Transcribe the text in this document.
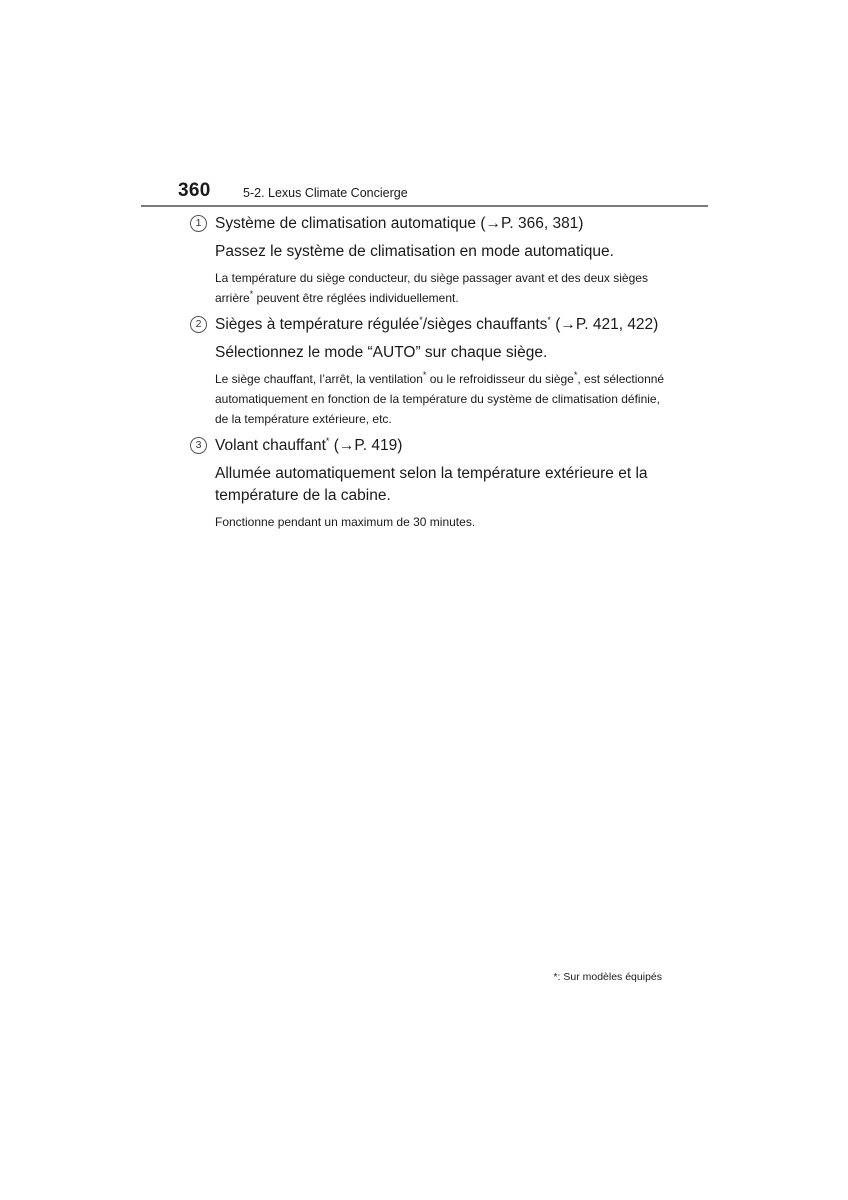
360	5-2. Lexus Climate Concierge

1 Système de climatisation automatique (→P. 366, 381)

Passez le système de climatisation en mode automatique.

La température du siège conducteur, du siège passager avant et des deux sièges arrière* peuvent être réglées individuellement.

2 Sièges à température régulée*/sièges chauffants* (→P. 421, 422)

Sélectionnez le mode “AUTO” sur chaque siège.

Le siège chauffant, l’arrêt, la ventilation* ou le refroidisseur du siège*, est sélectionné automatiquement en fonction de la température du système de climatisation définie, de la température extérieure, etc.

3 Volant chauffant* (→P. 419)

Allumée automatiquement selon la température extérieure et la température de la cabine.

Fonctionne pendant un maximum de 30 minutes.

*: Sur modèles équipés
